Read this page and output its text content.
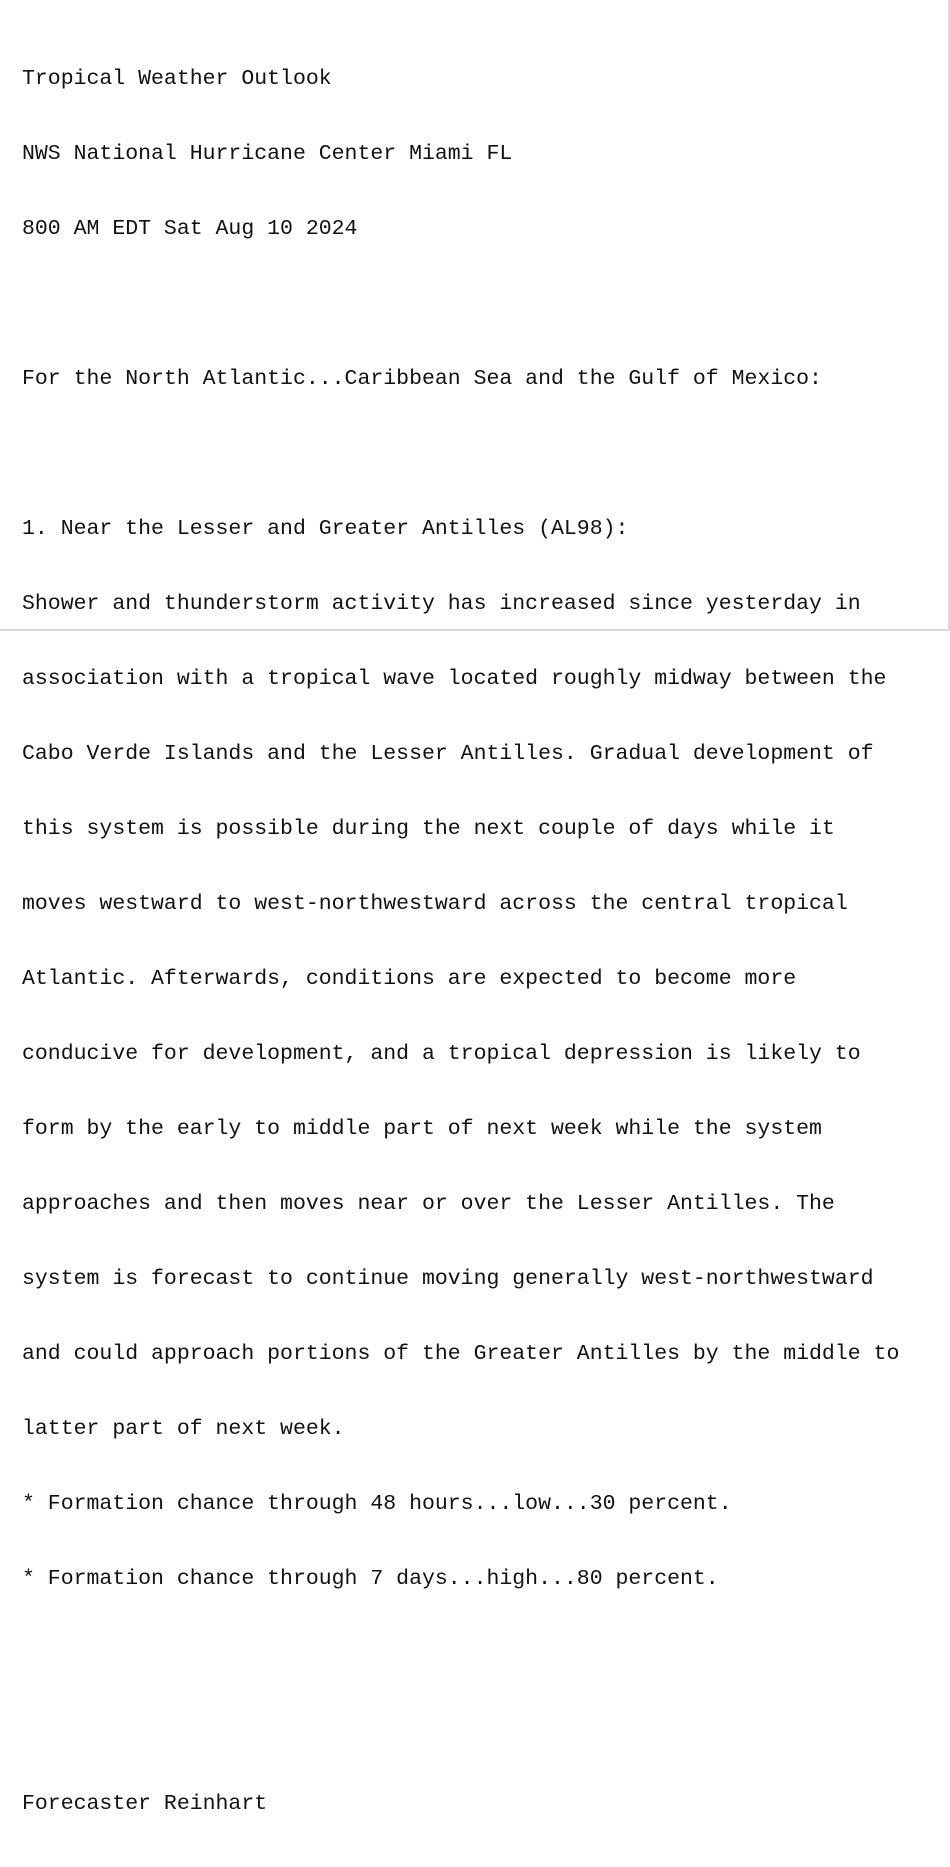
Tropical Weather Outlook

NWS National Hurricane Center Miami FL

800 AM EDT Sat Aug 10 2024

For the North Atlantic...Caribbean Sea and the Gulf of Mexico:

1. Near the Lesser and Greater Antilles (AL98):

Shower and thunderstorm activity has increased since yesterday in

association with a tropical wave located roughly midway between the

Cabo Verde Islands and the Lesser Antilles. Gradual development of

this system is possible during the next couple of days while it

moves westward to west-northwestward across the central tropical

Atlantic. Afterwards, conditions are expected to become more

conducive for development, and a tropical depression is likely to

form by the early to middle part of next week while the system

approaches and then moves near or over the Lesser Antilles. The

system is forecast to continue moving generally west-northwestward

and could approach portions of the Greater Antilles by the middle to

latter part of next week.

* Formation chance through 48 hours...low...30 percent.

* Formation chance through 7 days...high...80 percent.

Forecaster Reinhart
